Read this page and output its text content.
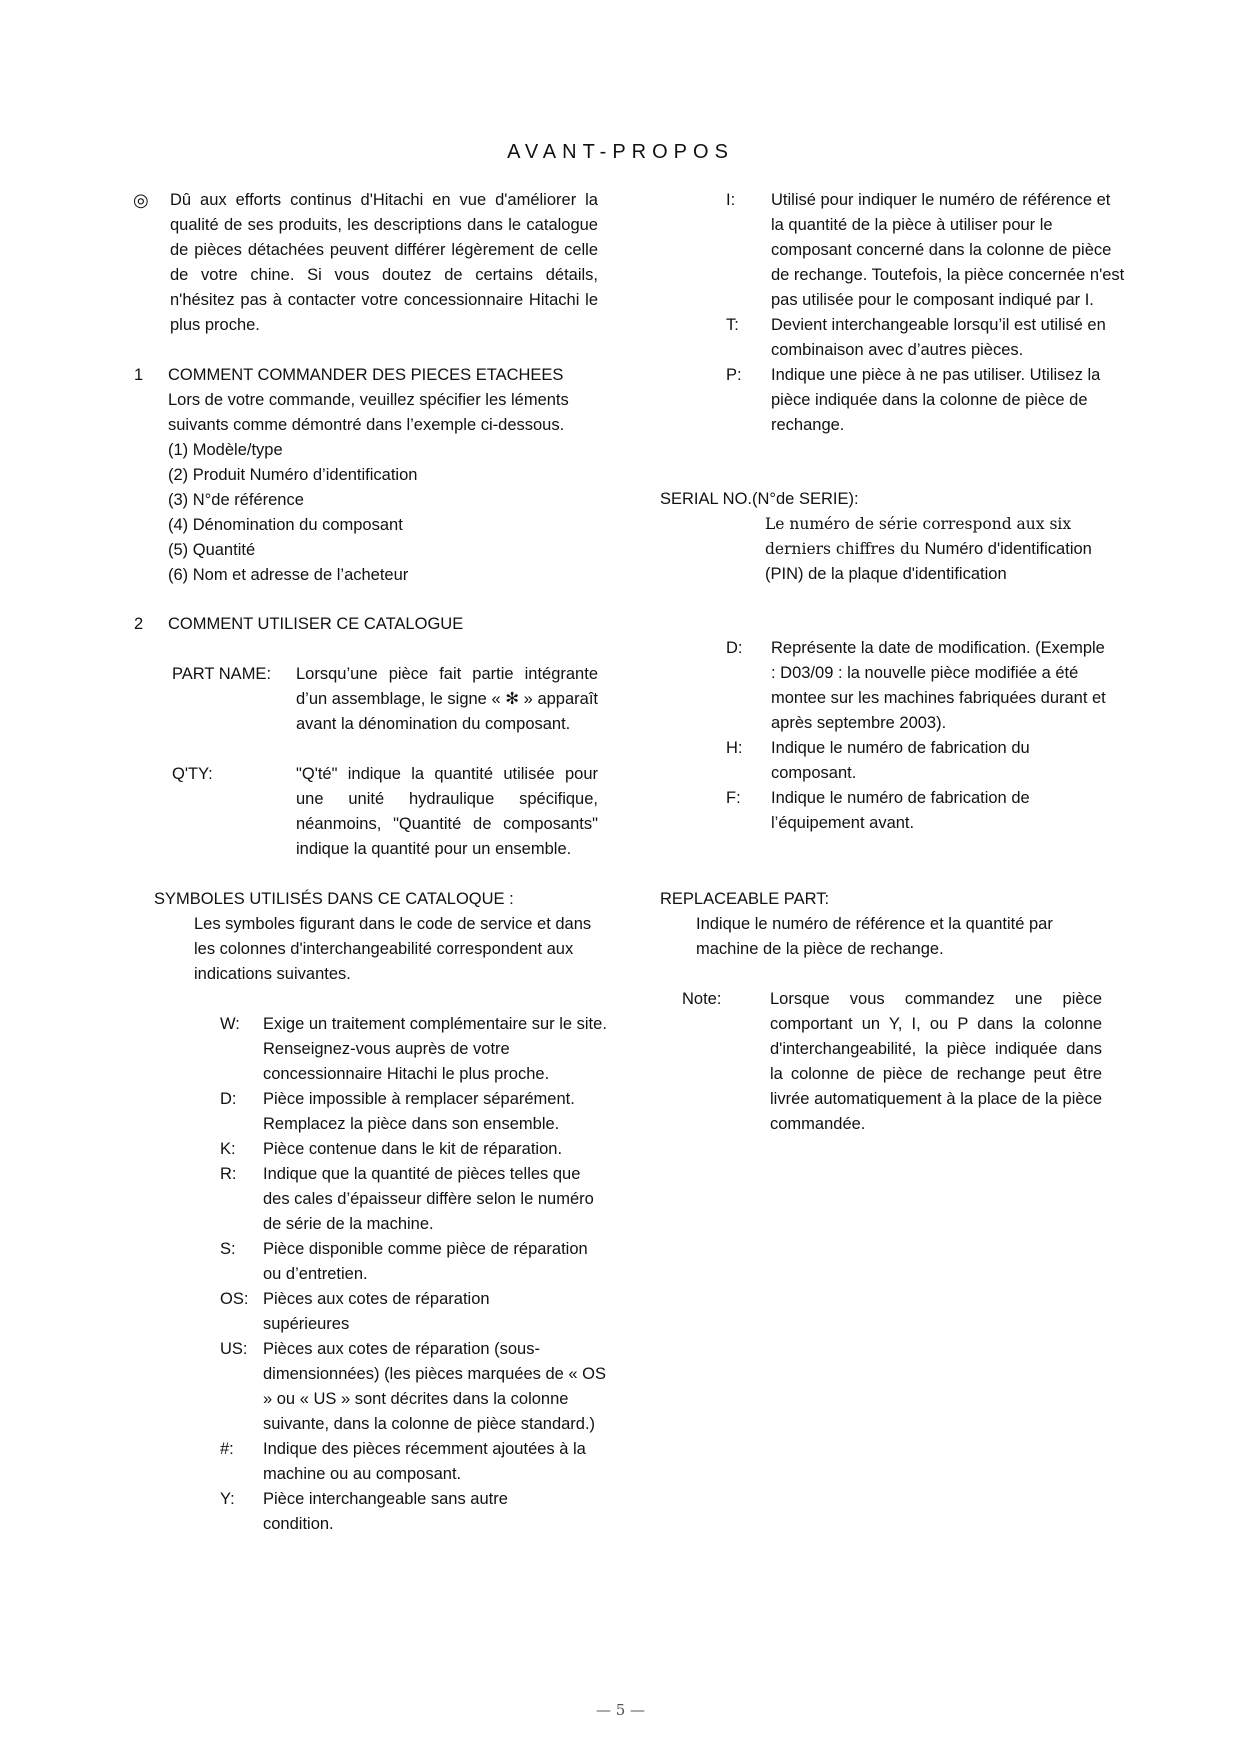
AVANT-PROPOS
◎ Dû aux efforts continus d'Hitachi en vue d'améliorer la qualité de ses produits, les descriptions dans le catalogue de pièces détachées peuvent différer légèrement de celle de votre chine. Si vous doutez de certains détails, n'hésitez pas à contacter votre concessionnaire Hitachi le plus proche.
1 COMMENT COMMANDER DES PIECES ETACHEES
Lors de votre commande, veuillez spécifier les léments suivants comme démontré dans l’exemple ci-dessous.
(1) Modèle/type
(2) Produit Numéro d’identification
(3) N°de référence
(4) Dénomination du composant
(5) Quantité
(6) Nom et adresse de l’acheteur
2 COMMENT UTILISER CE CATALOGUE
PART NAME: Lorsqu’une pièce fait partie intégrante d’un assemblage, le signe « ✻ » apparaît avant la dénomination du composant.
Q'TY:	"Q'té" indique la quantité utilisée pour une unité hydraulique spécifique, néanmoins, "Quantité de composants" indique la quantité pour un ensemble.
SYMBOLES UTILISÉS DANS CE CATALOQUE :
Les symboles figurant dans le code de service et dans les colonnes d'interchangeabilité correspondent aux indications suivantes.
W: Exige un traitement complémentaire sur le site. Renseignez-vous auprès de votre concessionnaire Hitachi le plus proche.
D: Pièce impossible à remplacer séparément. Remplacez la pièce dans son ensemble.
K: Pièce contenue dans le kit de réparation.
R: Indique que la quantité de pièces telles que des cales d’épaisseur diffère selon le numéro de série de la machine.
S: Pièce disponible comme pièce de réparation ou d’entretien.
OS: Pièces aux cotes de réparation supérieures
US: Pièces aux cotes de réparation (sous-dimensionnées) (les pièces marquées de « OS » ou « US » sont décrites dans la colonne suivante, dans la colonne de pièce standard.)
#: Indique des pièces récemment ajoutées à la machine ou au composant.
Y: Pièce interchangeable sans autre condition.
I: Utilisé pour indiquer le numéro de référence et la quantité de la pièce à utiliser pour le composant concerné dans la colonne de pièce de rechange. Toutefois, la pièce concernée n'est pas utilisée pour le composant indiqué par I.
T: Devient interchangeable lorsqu’il est utilisé en combinaison avec d’autres pièces.
P: Indique une pièce à ne pas utiliser. Utilisez la pièce indiquée dans la colonne de pièce de rechange.
SERIAL NO.(N°de SERIE):
Le numéro de série correspond aux six derniers chiffres du Numéro d'identification (PIN) de la plaque d'identification
D: Représente la date de modification. (Exemple : D03/09 : la nouvelle pièce modifiée a été montee sur les machines fabriquées durant et après septembre 2003).
H: Indique le numéro de fabrication du composant.
F: Indique le numéro de fabrication de l’équipement avant.
REPLACEABLE PART:
Indique le numéro de référence et la quantité par machine de la pièce de rechange.
Note:	Lorsque vous commandez une pièce comportant un Y, I, ou P dans la colonne d'interchangeabilité, la pièce indiquée dans la colonne de pièce de rechange peut être livrée automatiquement à la place de la pièce commandée.
— 5 —
